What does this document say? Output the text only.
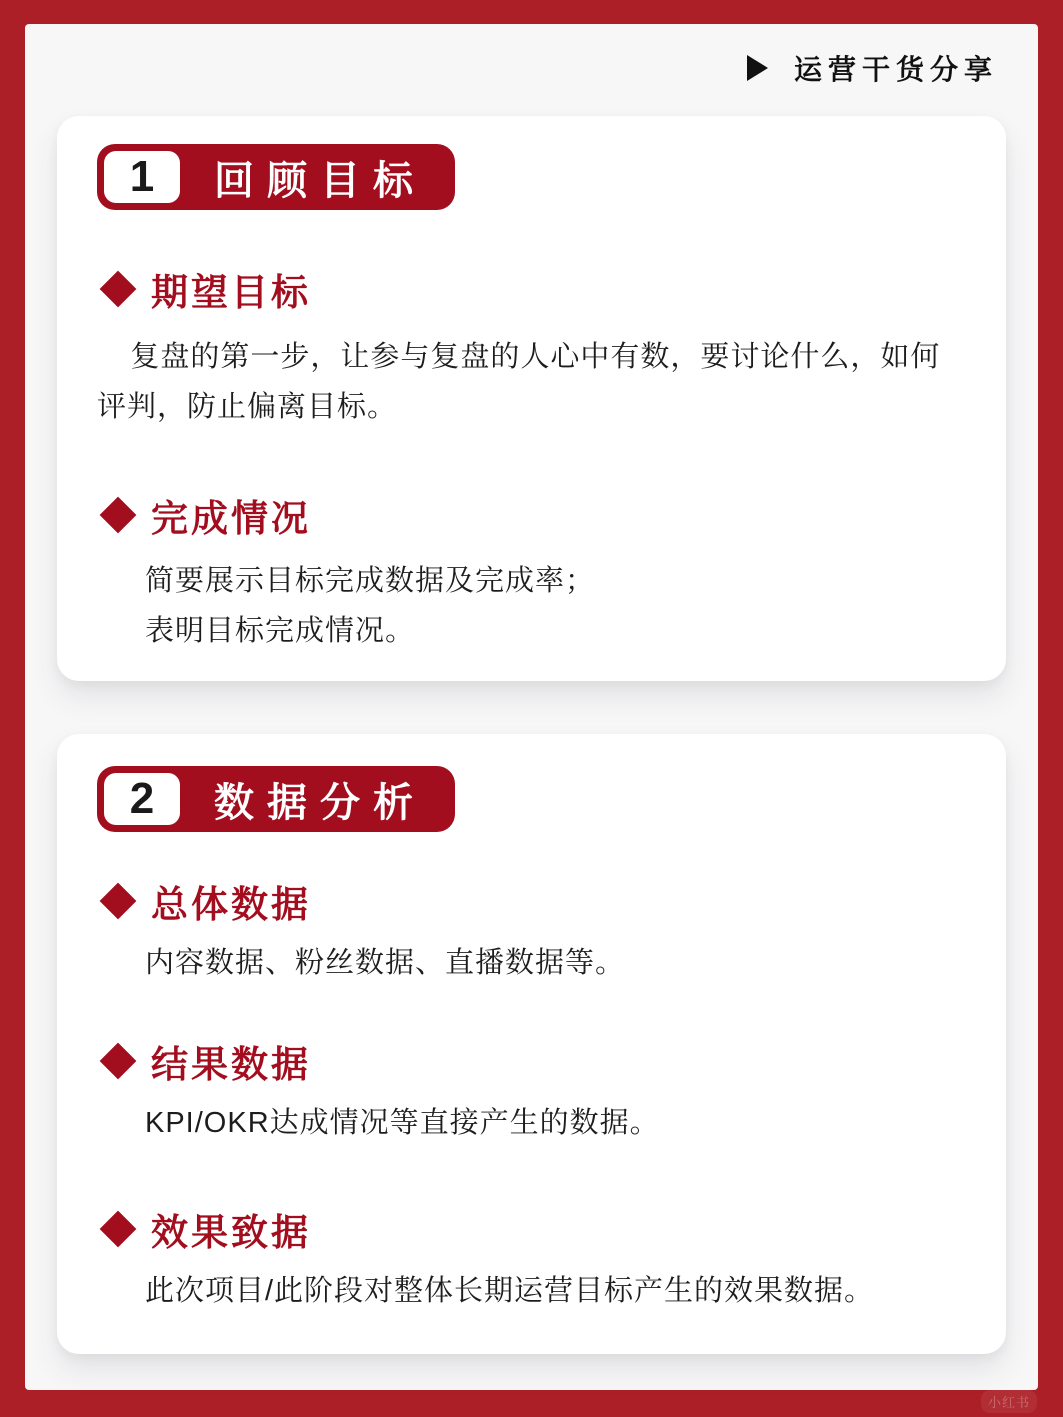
运营干货分享
1	回顾目标
期望目标

复盘的第一步，让参与复盘的人心中有数，要讨论什么，如何评判，防止偏离目标。

完成情况

简要展示目标完成数据及完成率；

表明目标完成情况。

2	数据分析
总体数据

内容数据、粉丝数据、直播数据等。

结果数据

KPI/OKR达成情况等直接产生的数据。

效果致据

此次项目/此阶段对整体长期运营目标产生的效果数据。

小红书
